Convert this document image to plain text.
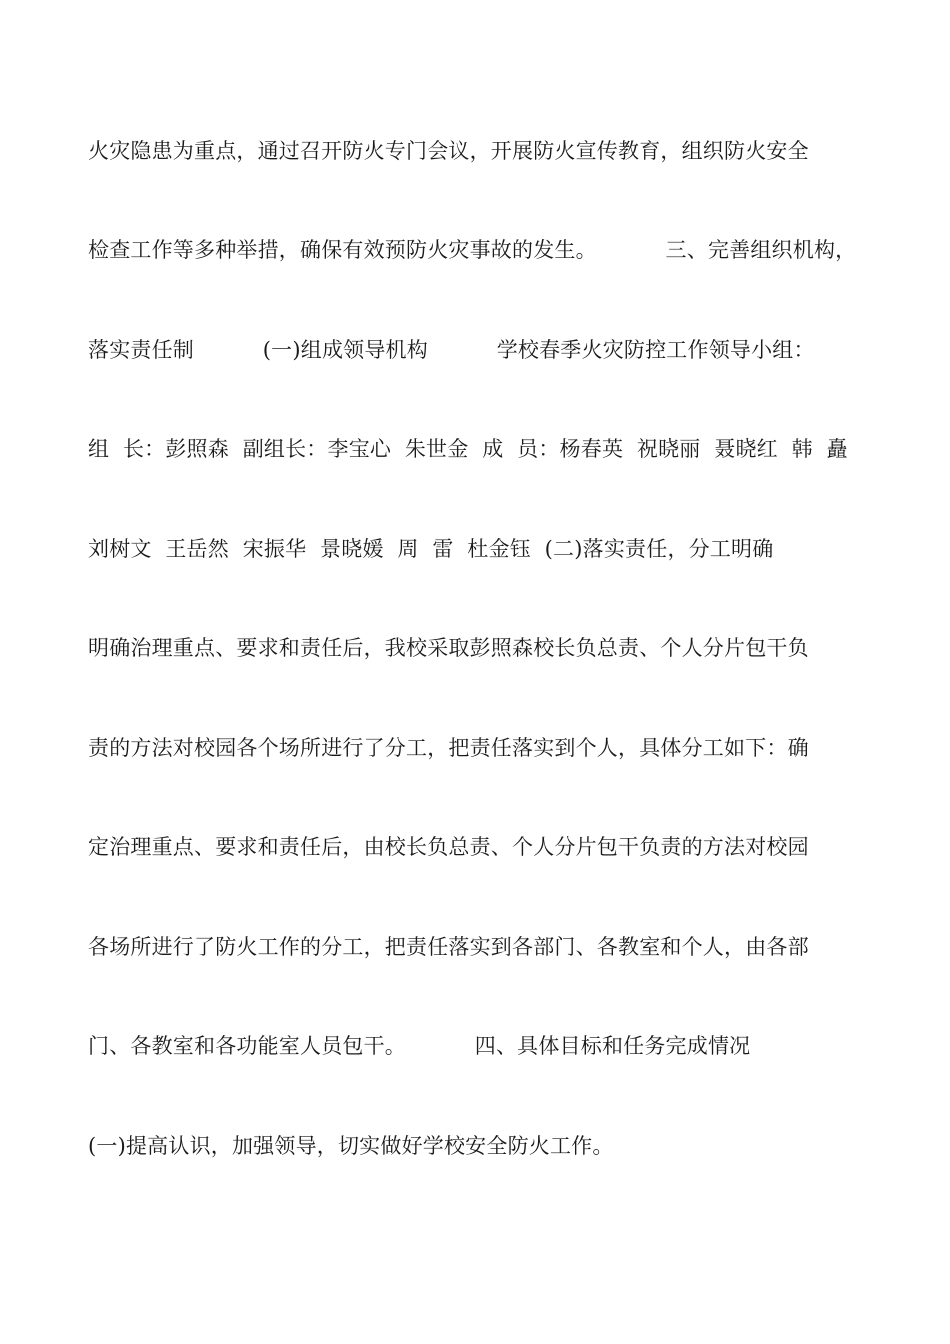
火灾隐患为重点，通过召开防火专门会议，开展防火宣传教育，组织防火安全
检查工作等多种举措，确保有效预防火灾事故的发生。          三、完善组织机构，
落实责任制          (一)组成领导机构          学校春季火灾防控工作领导小组：
组  长：彭照森  副组长：李宝心  朱世金  成  员：杨春英  祝晓丽  聂晓红  韩  矗
刘树文  王岳然  宋振华  景晓媛  周  雷  杜金钰  (二)落实责任，分工明确
明确治理重点、要求和责任后，我校采取彭照森校长负总责、个人分片包干负
责的方法对校园各个场所进行了分工，把责任落实到个人，具体分工如下：确
定治理重点、要求和责任后，由校长负总责、个人分片包干负责的方法对校园
各场所进行了防火工作的分工，把责任落实到各部门、各教室和个人，由各部
门、各教室和各功能室人员包干。          四、具体目标和任务完成情况
(一)提高认识，加强领导，切实做好学校安全防火工作。
